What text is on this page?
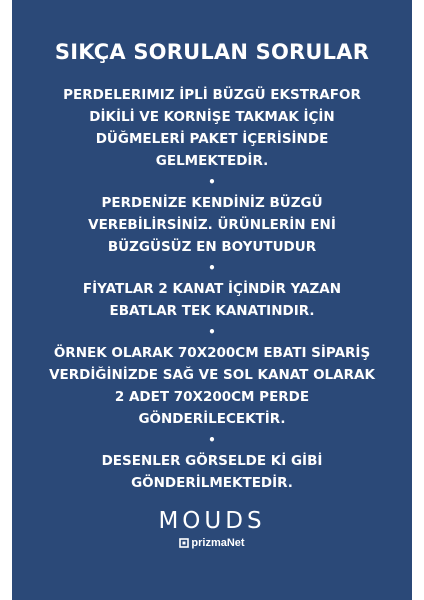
SIKÇA SORULAN SORULAR
PERDELERIMIZ İPLİ BÜZGÜ EKSTRAFOR DİKİLİ VE KORNİŞE TAKMAK İÇİN DÜĞMELERİ PAKET İÇERİSİNDE GELMEKTEDİR.
•
PERDENİZE KENDİNİZ BÜZGÜ VEREBİLİRSİNİZ. ÜRÜNLERİN ENİ BÜZGÜSÜZ EN BOYUTUDUR
•
FİYATLAR 2 KANAT İÇİNDİR YAZAN EBATLAR TEK KANATINDIR.
•
ÖRNEK OLARAK 70X200CM EBATI SİPARİŞ VERDİĞİNİZDE SAĞ VE SOL KANAT OLARAK 2 ADET 70X200CM PERDE GÖNDERİLECEKTİR.
•
DESENLER GÖRSELDE Kİ GİBİ GÖNDERİLMEKTEDİR.
MOUDS
prizmaNet
